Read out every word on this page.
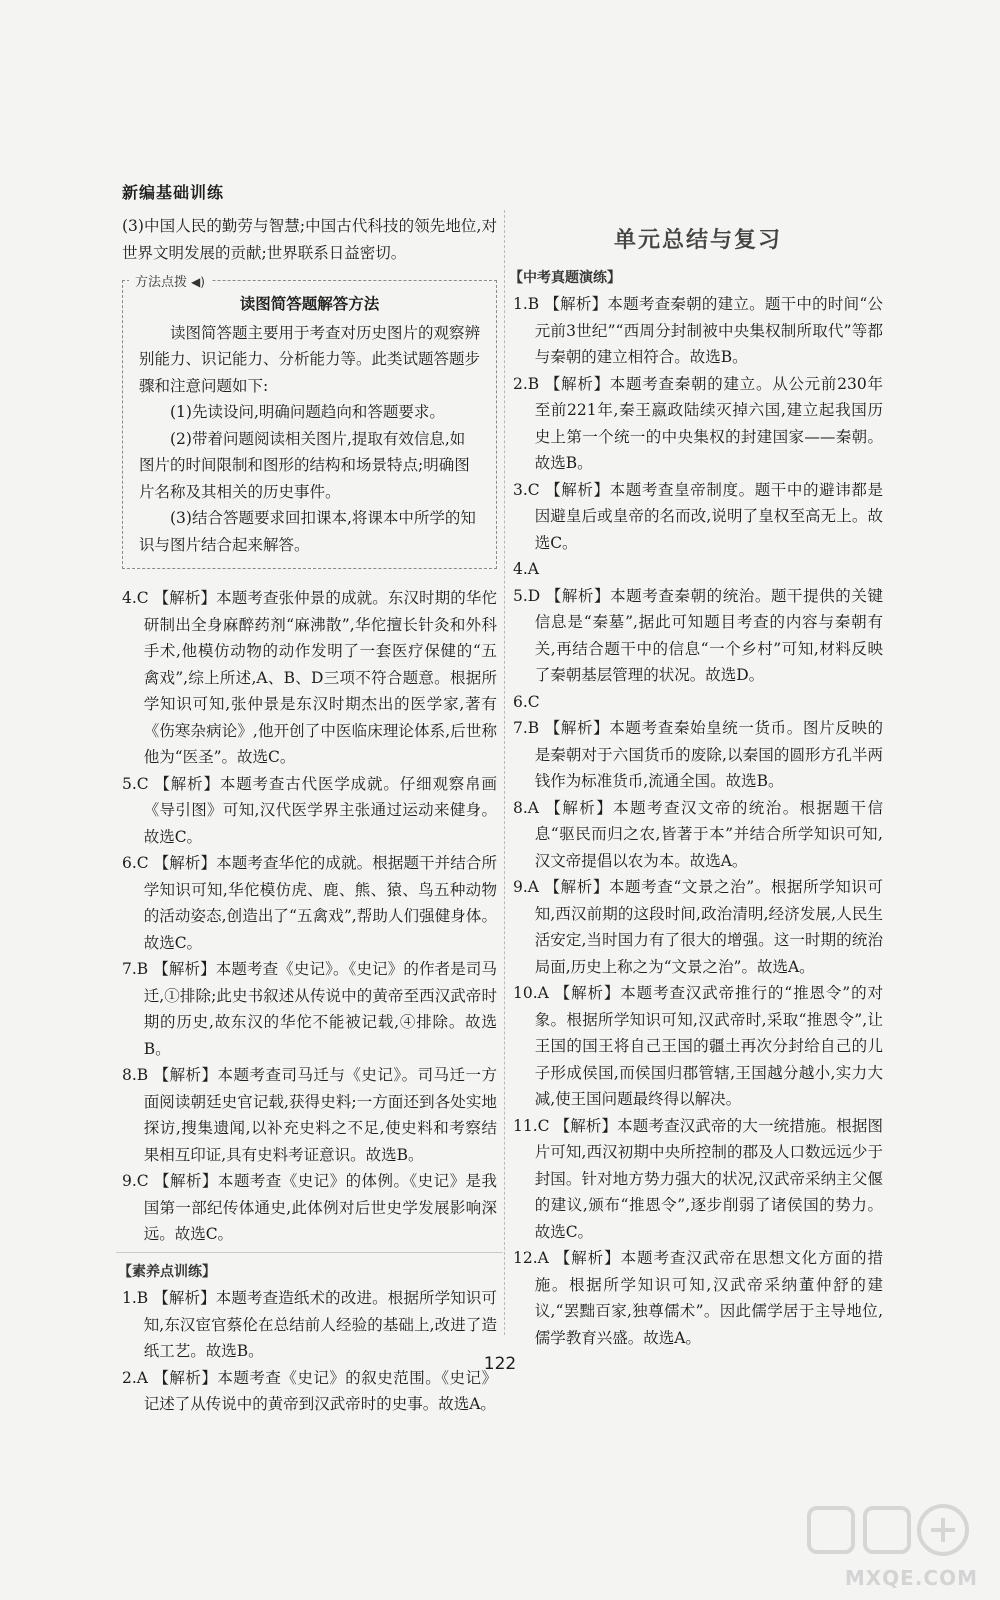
新编基础训练

(3)中国人民的勤劳与智慧;中国古代科技的领先地位,对世界文明发展的贡献;世界联系日益密切。

方法点拨 ◀)
读图简答题解答方法

读图简答题主要用于考查对历史图片的观察辨别能力、识记能力、分析能力等。此类试题答题步骤和注意问题如下:

(1)先读设问,明确问题趋向和答题要求。

(2)带着问题阅读相关图片,提取有效信息,如图片的时间限制和图形的结构和场景特点;明确图片名称及其相关的历史事件。

(3)结合答题要求回扣课本,将课本中所学的知识与图片结合起来解答。

4.C 【解析】本题考查张仲景的成就。东汉时期的华佗研制出全身麻醉药剂“麻沸散”,华佗擅长针灸和外科手术,他模仿动物的动作发明了一套医疗保健的“五禽戏”,综上所述,A、B、D三项不符合题意。根据所学知识可知,张仲景是东汉时期杰出的医学家,著有《伤寒杂病论》,他开创了中医临床理论体系,后世称他为“医圣”。故选C。

5.C 【解析】本题考查古代医学成就。仔细观察帛画《导引图》可知,汉代医学界主张通过运动来健身。故选C。

6.C 【解析】本题考查华佗的成就。根据题干并结合所学知识可知,华佗模仿虎、鹿、熊、猿、鸟五种动物的活动姿态,创造出了“五禽戏”,帮助人们强健身体。故选C。

7.B 【解析】本题考查《史记》。《史记》的作者是司马迁,①排除;此史书叙述从传说中的黄帝至西汉武帝时期的历史,故东汉的华佗不能被记载,④排除。故选B。

8.B 【解析】本题考查司马迁与《史记》。司马迁一方面阅读朝廷史官记载,获得史料;一方面还到各处实地探访,搜集遗闻,以补充史料之不足,使史料和考察结果相互印证,具有史料考证意识。故选B。

9.C 【解析】本题考查《史记》的体例。《史记》是我国第一部纪传体通史,此体例对后世史学发展影响深远。故选C。

【素养点训练】

1.B 【解析】本题考查造纸术的改进。根据所学知识可知,东汉宦官蔡伦在总结前人经验的基础上,改进了造纸工艺。故选B。

2.A 【解析】本题考查《史记》的叙史范围。《史记》记述了从传说中的黄帝到汉武帝时的史事。故选A。

单元总结与复习
【中考真题演练】

1.B 【解析】本题考查秦朝的建立。题干中的时间“公元前3世纪”“西周分封制被中央集权制所取代”等都与秦朝的建立相符合。故选B。

2.B 【解析】本题考查秦朝的建立。从公元前230年至前221年,秦王嬴政陆续灭掉六国,建立起我国历史上第一个统一的中央集权的封建国家——秦朝。故选B。

3.C 【解析】本题考查皇帝制度。题干中的避讳都是因避皇后或皇帝的名而改,说明了皇权至高无上。故选C。

4.A

5.D 【解析】本题考查秦朝的统治。题干提供的关键信息是“秦墓”,据此可知题目考查的内容与秦朝有关,再结合题干中的信息“一个乡村”可知,材料反映了秦朝基层管理的状况。故选D。

6.C

7.B 【解析】本题考查秦始皇统一货币。图片反映的是秦朝对于六国货币的废除,以秦国的圆形方孔半两钱作为标准货币,流通全国。故选B。

8.A 【解析】本题考查汉文帝的统治。根据题干信息“驱民而归之农,皆著于本”并结合所学知识可知,汉文帝提倡以农为本。故选A。

9.A 【解析】本题考查“文景之治”。根据所学知识可知,西汉前期的这段时间,政治清明,经济发展,人民生活安定,当时国力有了很大的增强。这一时期的统治局面,历史上称之为“文景之治”。故选A。

10.A 【解析】本题考查汉武帝推行的“推恩令”的对象。根据所学知识可知,汉武帝时,采取“推恩令”,让王国的国王将自己王国的疆土再次分封给自己的儿子形成侯国,而侯国归郡管辖,王国越分越小,实力大减,使王国问题最终得以解决。

11.C 【解析】本题考查汉武帝的大一统措施。根据图片可知,西汉初期中央所控制的郡及人口数远远少于封国。针对地方势力强大的状况,汉武帝采纳主父偃的建议,颁布“推恩令”,逐步削弱了诸侯国的势力。故选C。

12.A 【解析】本题考查汉武帝在思想文化方面的措施。根据所学知识可知,汉武帝采纳董仲舒的建议,“罢黜百家,独尊儒术”。因此儒学居于主导地位,儒学教育兴盛。故选A。

122
MXQE.COM
